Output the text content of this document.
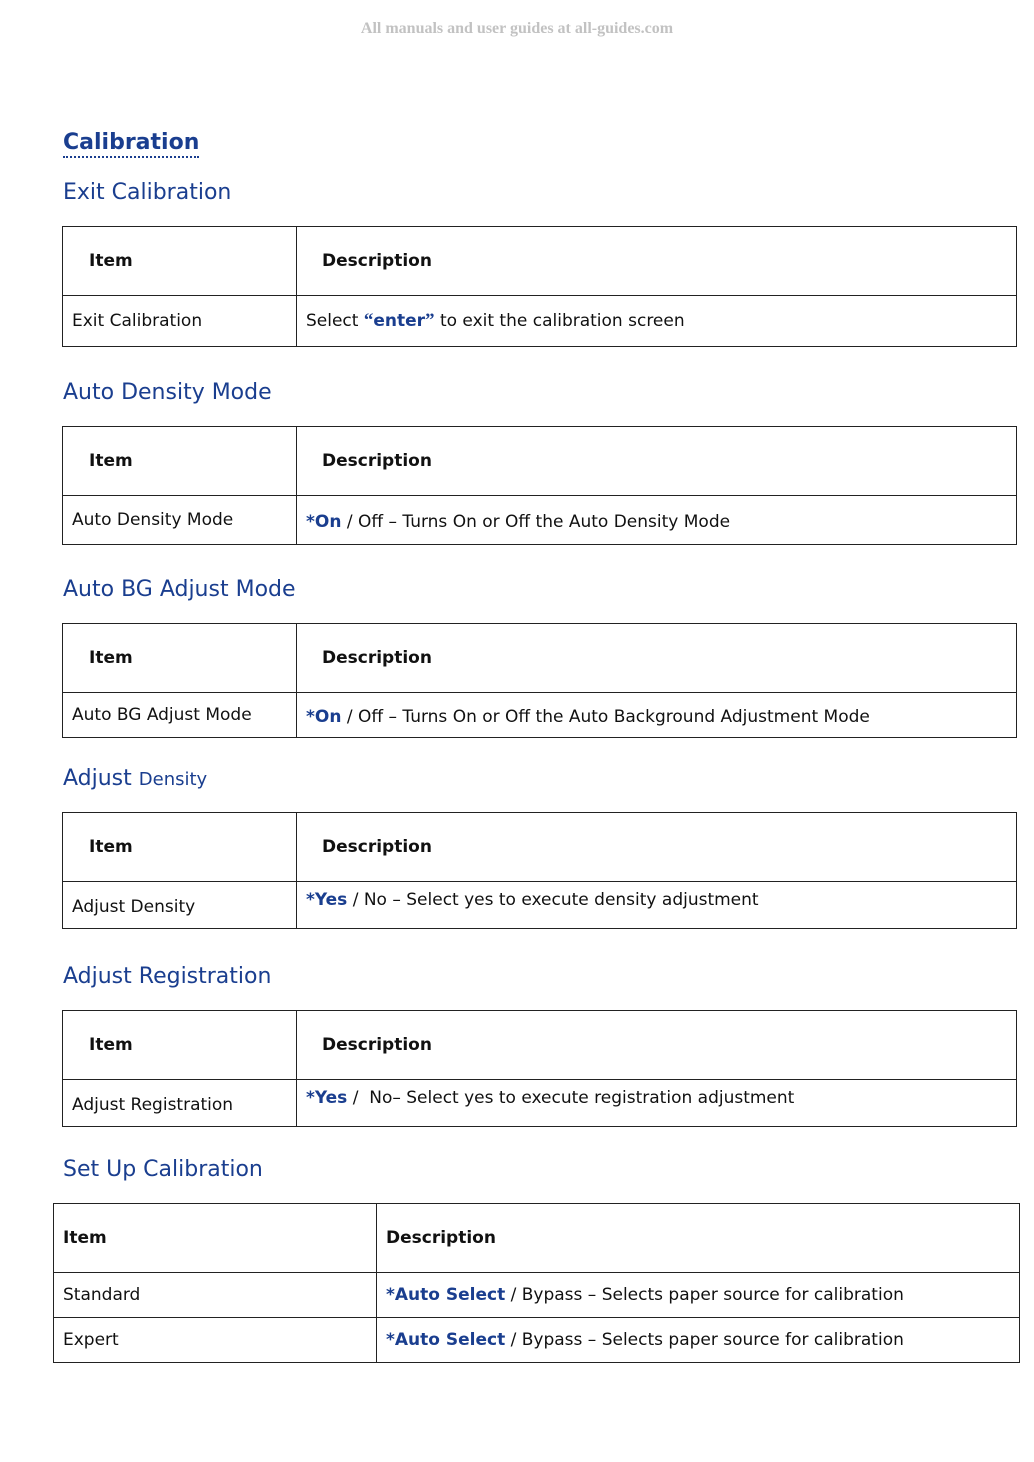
All manuals and user guides at all-guides.com
Calibration
Exit Calibration
Item	Description
Exit Calibration	Select “enter” to exit the calibration screen
Auto Density Mode
Item	Description
Auto Density Mode	*On / Off – Turns On or Off the Auto Density Mode
Auto BG Adjust Mode
Item	Description
Auto BG Adjust Mode	*On / Off – Turns On or Off the Auto Background Adjustment Mode
Adjust Density
Item	Description
Adjust Density	*Yes / No – Select yes to execute density adjustment
Adjust Registration
Item	Description
Adjust Registration	*Yes /  No– Select yes to execute registration adjustment
Set Up Calibration
Item	Description
Standard	*Auto Select / Bypass – Selects paper source for calibration
Expert	*Auto Select / Bypass – Selects paper source for calibration
